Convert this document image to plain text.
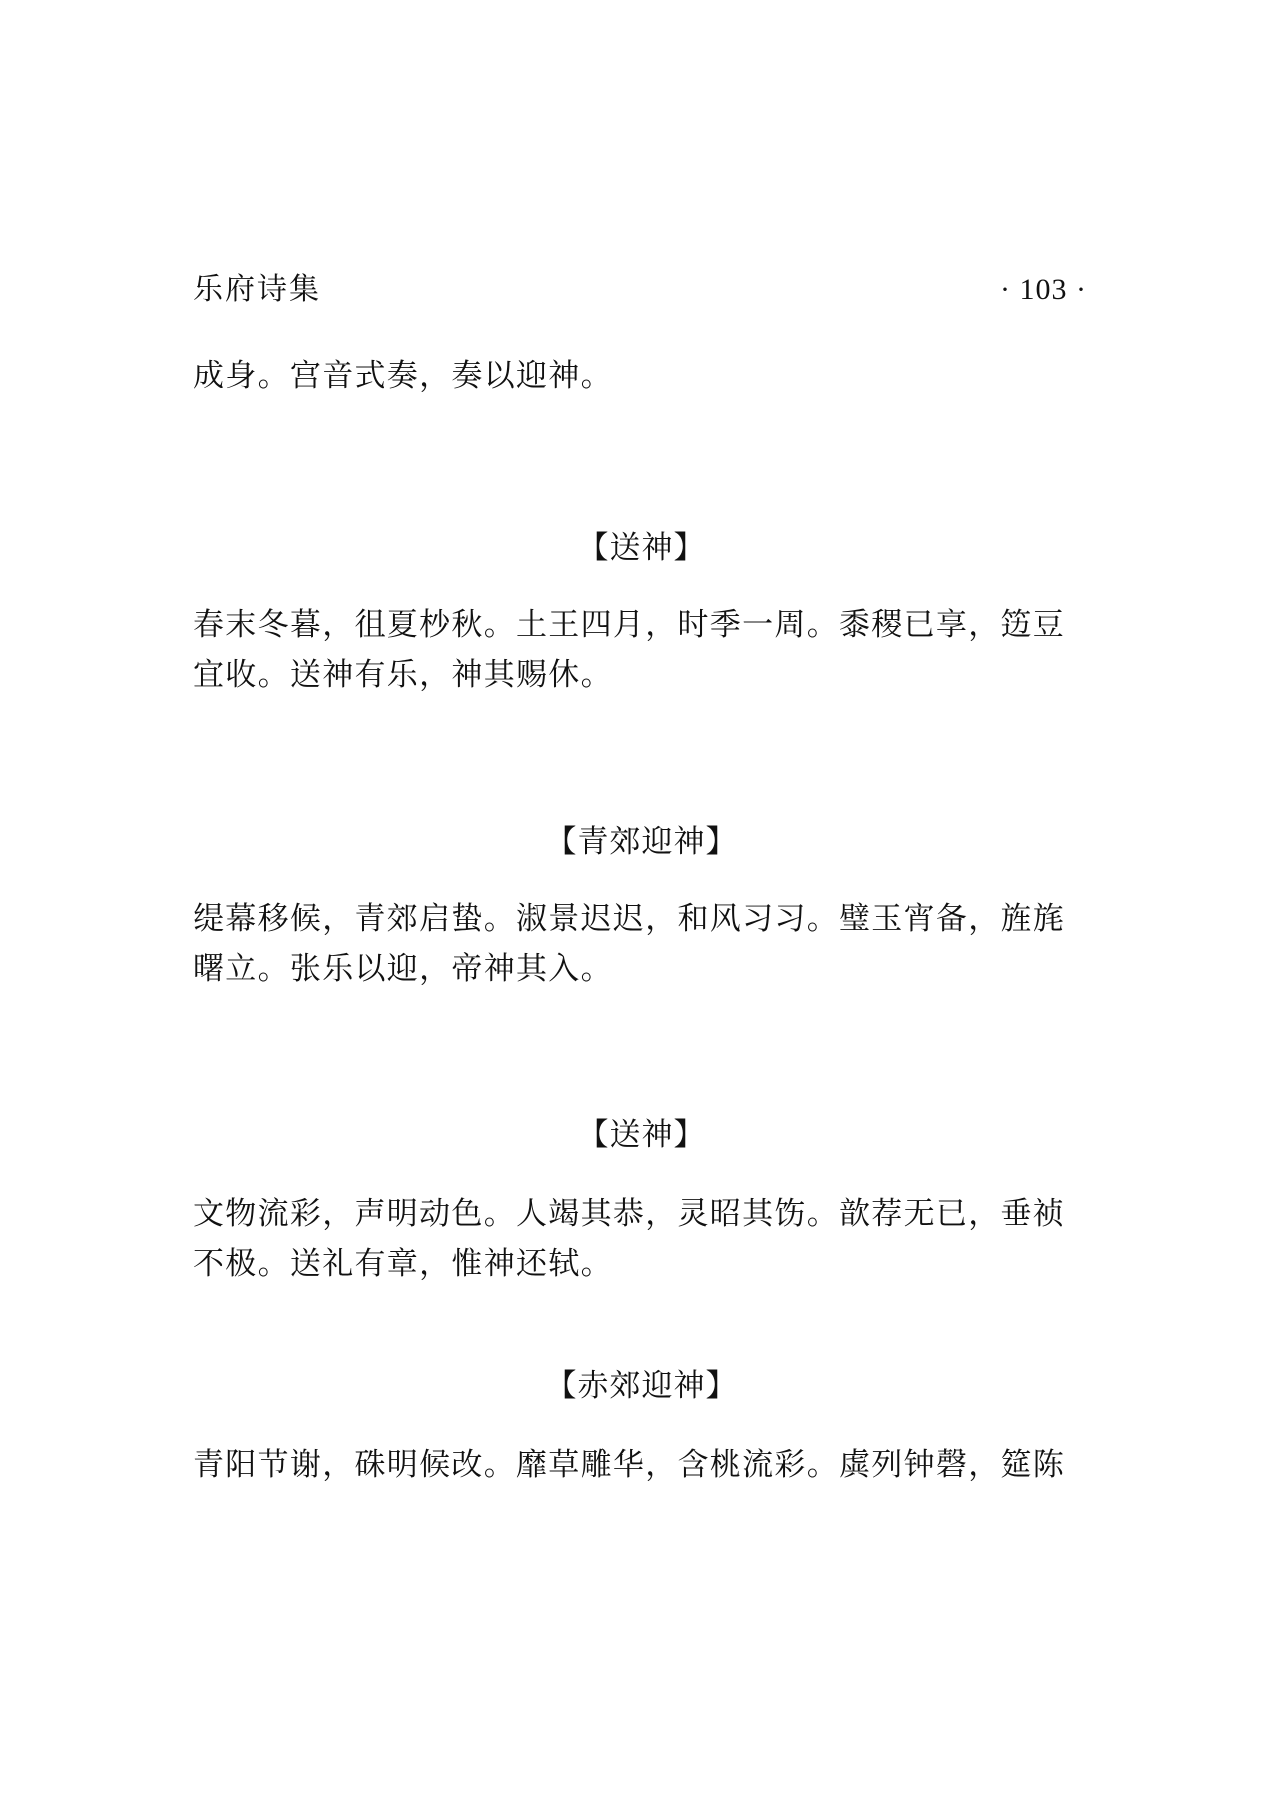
乐府诗集	· 103 ·
成身。宫音式奏，奏以迎神。
【送神】
春末冬暮，徂夏杪秋。土王四月，时季一周。黍稷已享，笾豆
宜收。送神有乐，神其赐休。
【青郊迎神】
缇幕移候，青郊启蛰。淑景迟迟，和风习习。璧玉宵备，旌旄
曙立。张乐以迎，帝神其入。
【送神】
文物流彩，声明动色。人竭其恭，灵昭其饬。歆荐无已，垂祯
不极。送礼有章，惟神还轼。
【赤郊迎神】
青阳节谢，硃明候改。靡草雕华，含桃流彩。虡列钟磬，筵陈
